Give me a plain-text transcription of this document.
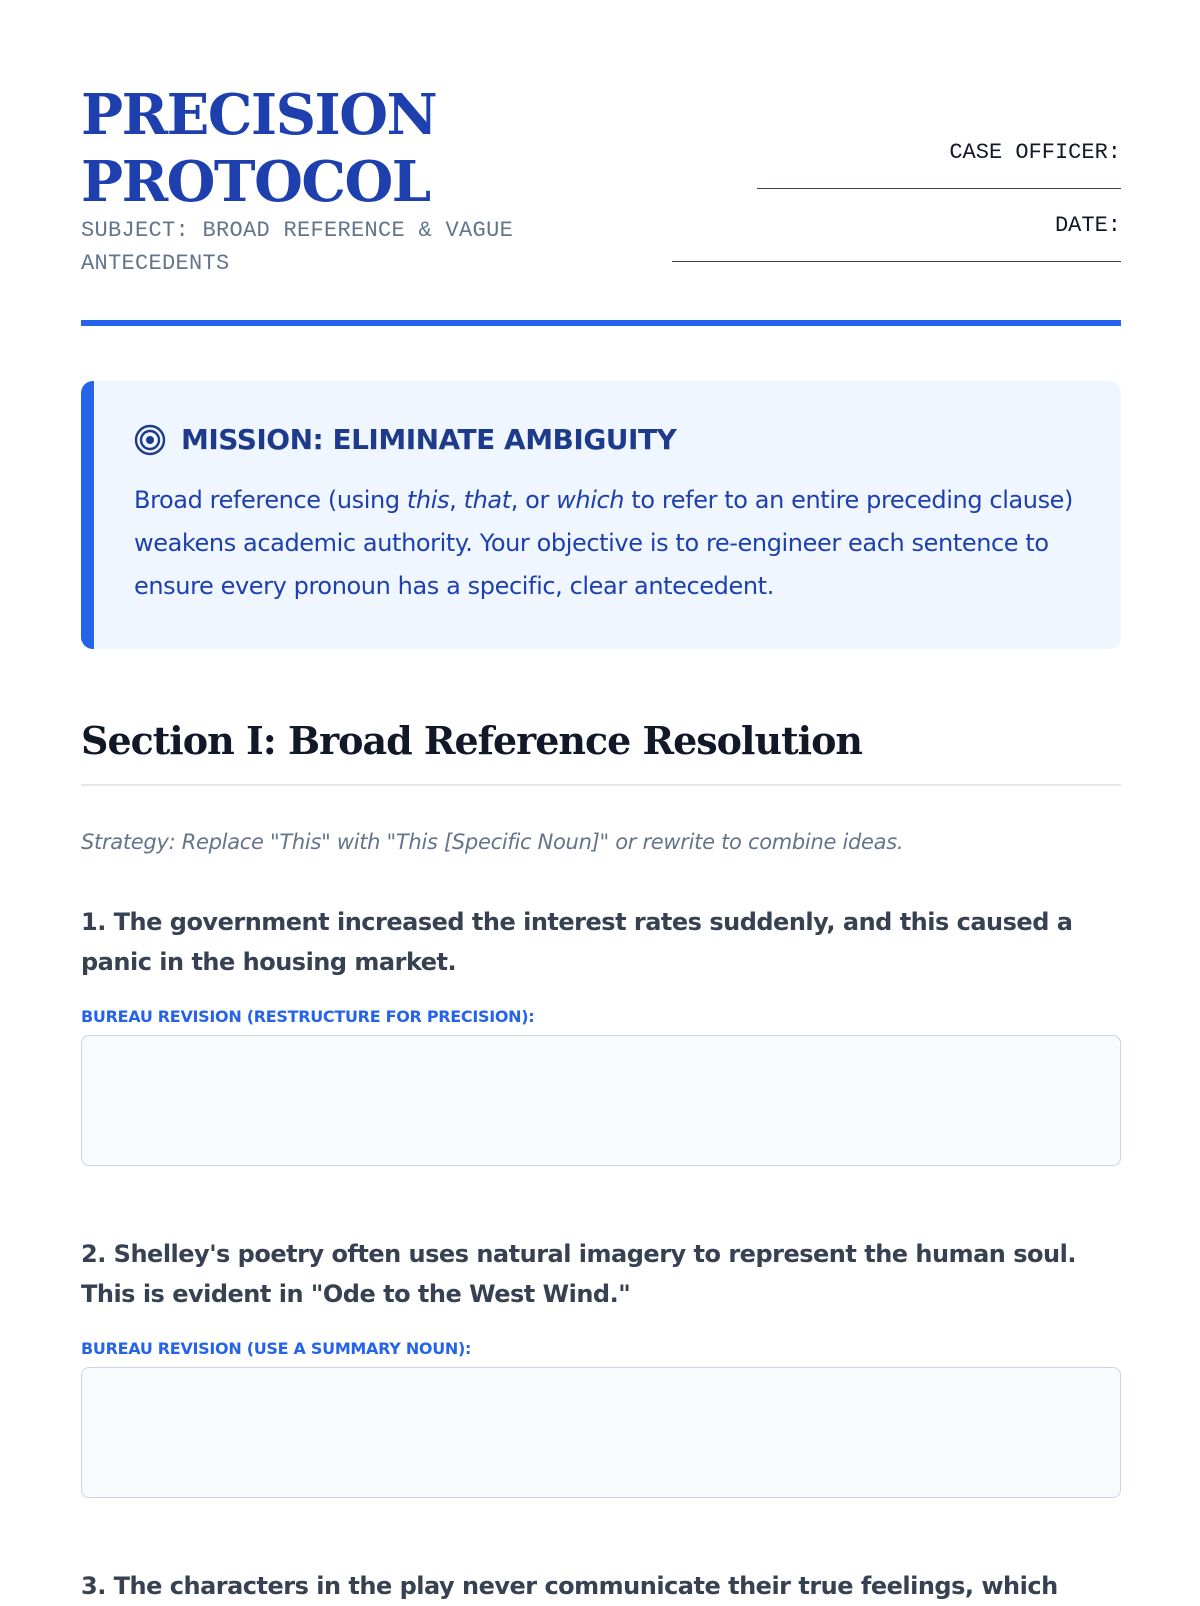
PRECISION
PROTOCOL
SUBJECT: BROAD REFERENCE & VAGUE ANTECEDENTS
CASE OFFICER:
DATE:
MISSION: ELIMINATE AMBIGUITY
Broad reference (using this, that, or which to refer to an entire preceding clause) weakens academic authority. Your objective is to re-engineer each sentence to ensure every pronoun has a specific, clear antecedent.
Section I: Broad Reference Resolution
Strategy: Replace "This" with "This [Specific Noun]" or rewrite to combine ideas.
1. The government increased the interest rates suddenly, and this caused a panic in the housing market.
BUREAU REVISION (RESTRUCTURE FOR PRECISION):
2. Shelley's poetry often uses natural imagery to represent the human soul. This is evident in "Ode to the West Wind."
BUREAU REVISION (USE A SUMMARY NOUN):
3. The characters in the play never communicate their true feelings, which
